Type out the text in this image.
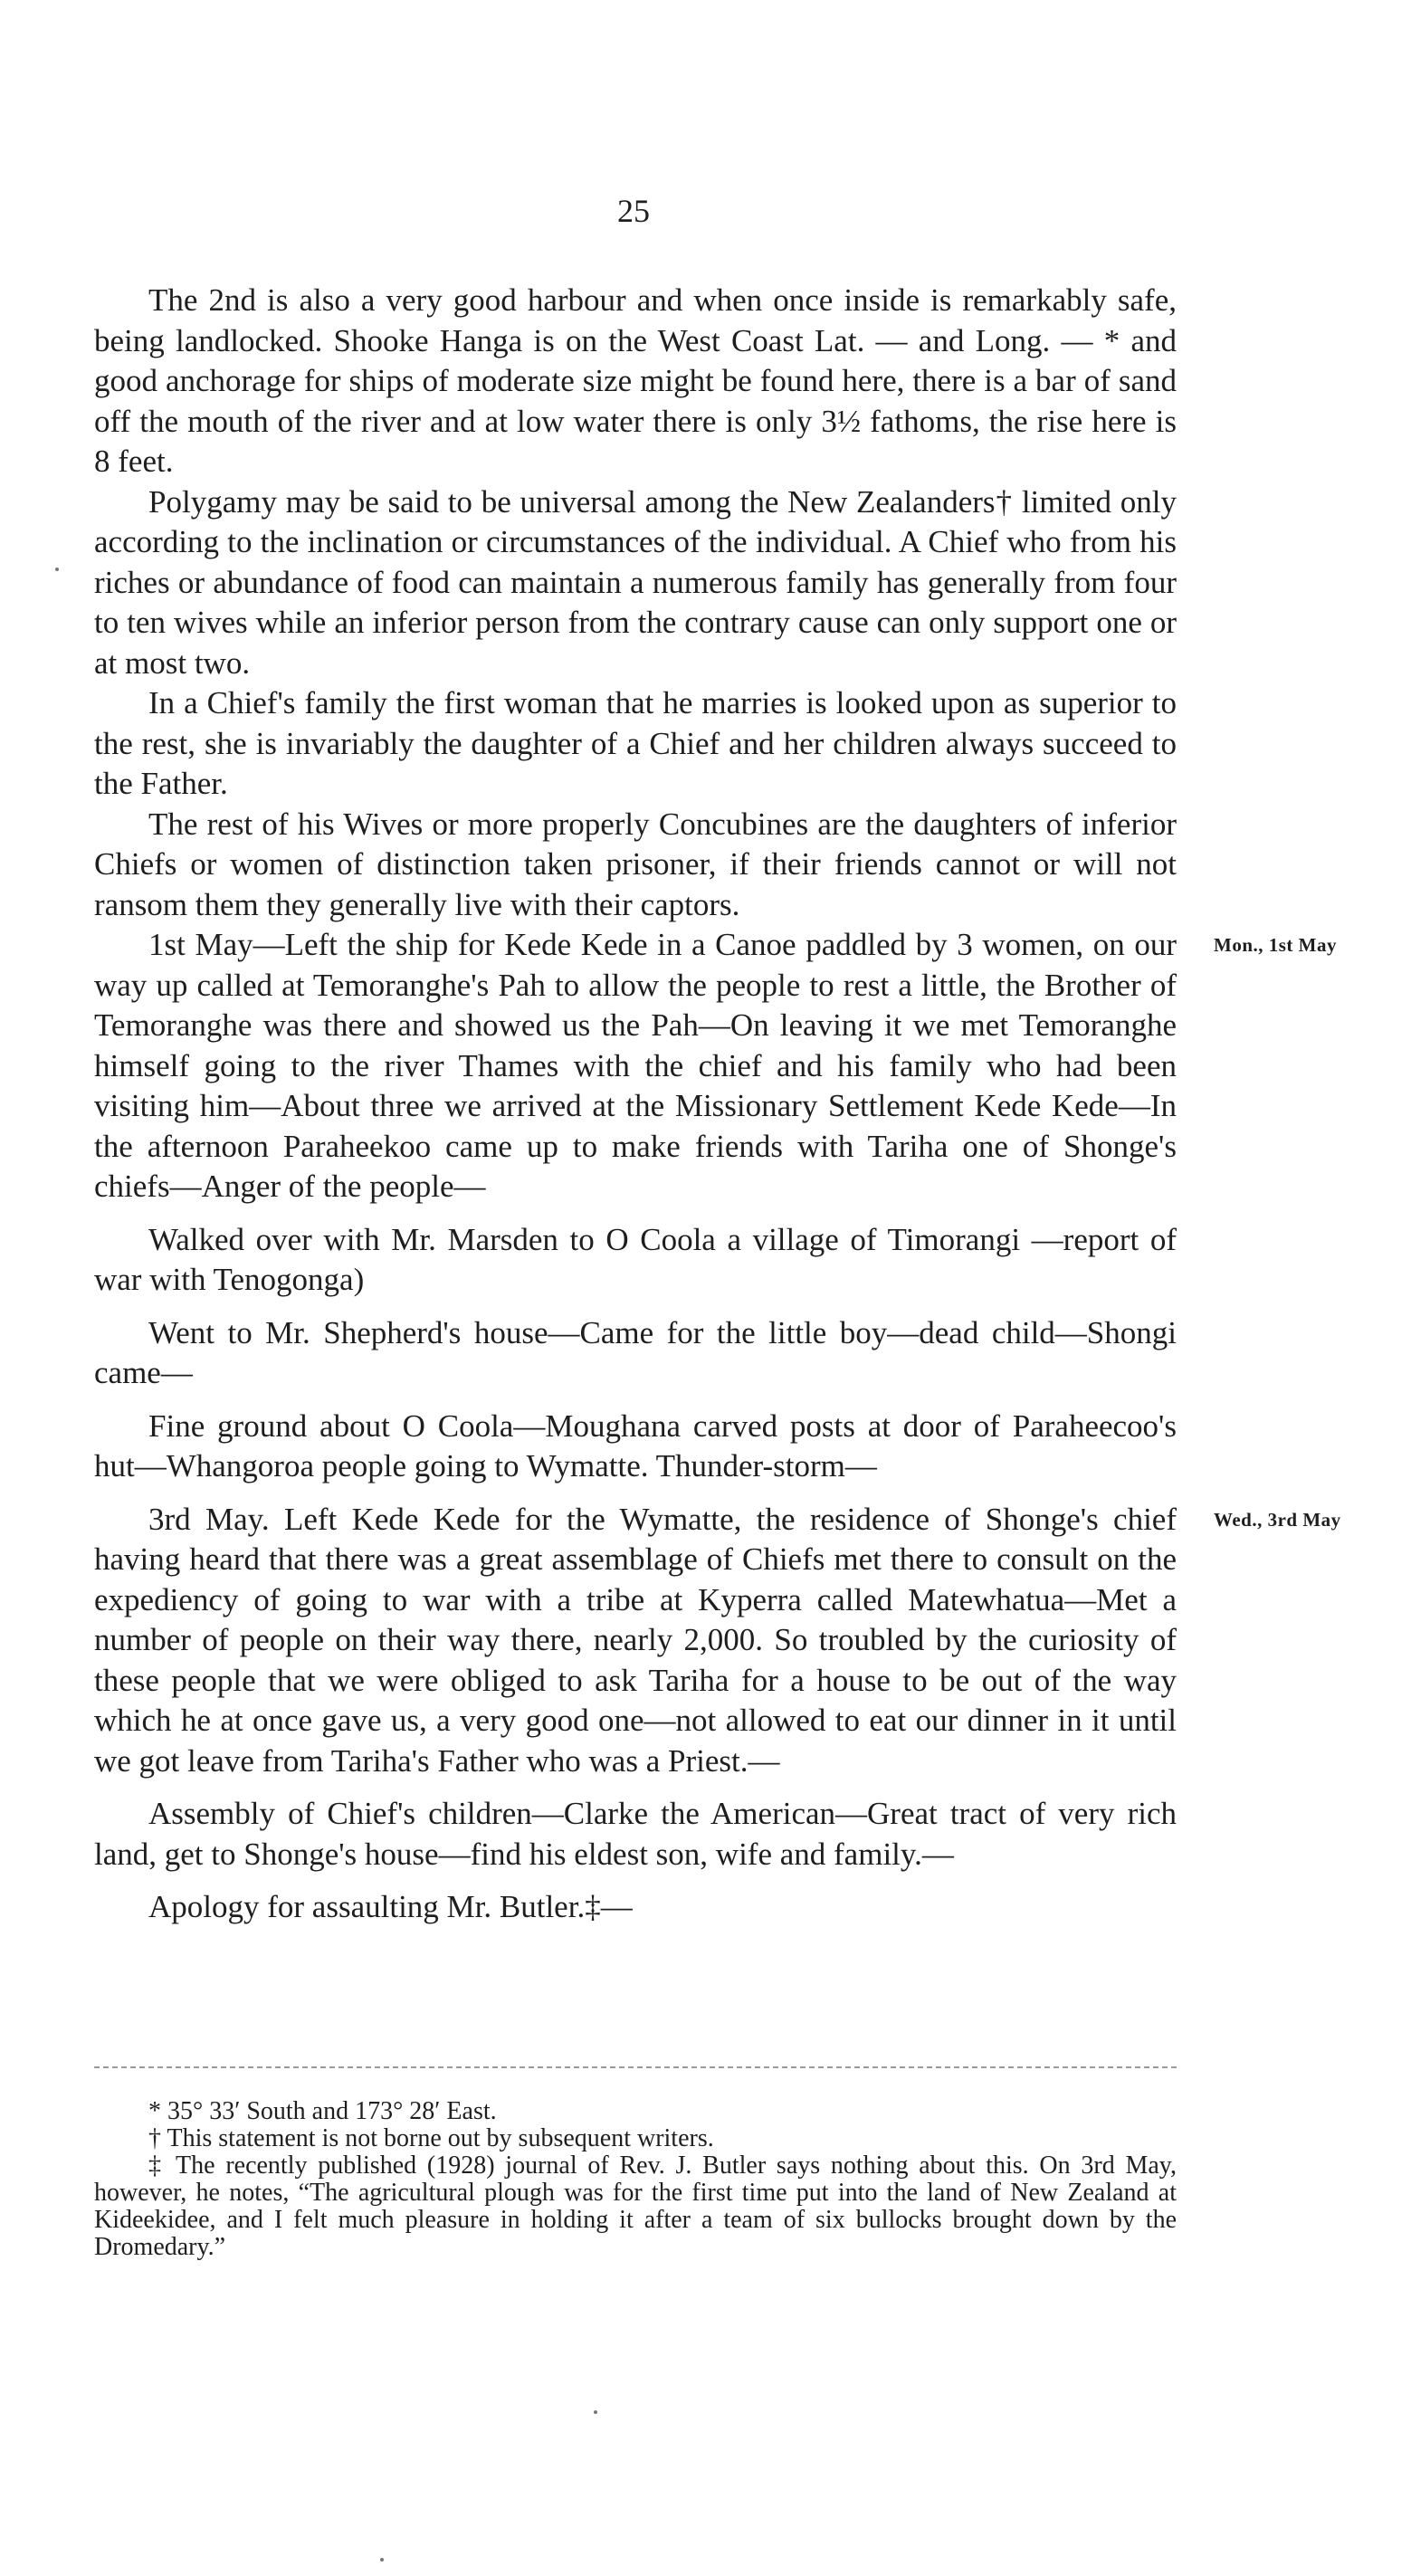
25

The 2nd is also a very good harbour and when once inside is remarkably safe, being landlocked. Shooke Hanga is on the West Coast Lat. — and Long. — * and good anchorage for ships of moderate size might be found here, there is a bar of sand off the mouth of the river and at low water there is only 3½ fathoms, the rise here is 8 feet.

Polygamy may be said to be universal among the New Zealanders† limited only according to the inclination or circumstances of the individual. A Chief who from his riches or abundance of food can maintain a numerous family has generally from four to ten wives while an inferior person from the contrary cause can only support one or at most two.

In a Chief's family the first woman that he marries is looked upon as superior to the rest, she is invariably the daughter of a Chief and her children always succeed to the Father.

The rest of his Wives or more properly Concubines are the daughters of inferior Chiefs or women of distinction taken prisoner, if their friends cannot or will not ransom them they generally live with their captors.

Mon., 1st May
1st May—Left the ship for Kede Kede in a Canoe paddled by 3 women, on our way up called at Temoranghe's Pah to allow the people to rest a little, the Brother of Temoranghe was there and showed us the Pah—On leaving it we met Temoranghe himself going to the river Thames with the chief and his family who had been visiting him—About three we arrived at the Missionary Settlement Kede Kede—In the afternoon Paraheekoo came up to make friends with Tariha one of Shonge's chiefs—Anger of the people—

Walked over with Mr. Marsden to O Coola a village of Timorangi —report of war with Tenogonga)

Went to Mr. Shepherd's house—Came for the little boy—dead child—Shongi came—

Fine ground about O Coola—Moughana carved posts at door of Paraheecoo's hut—Whangoroa people going to Wymatte. Thunder-storm—

Wed., 3rd May
3rd May. Left Kede Kede for the Wymatte, the residence of Shonge's chief having heard that there was a great assemblage of Chiefs met there to consult on the expediency of going to war with a tribe at Kyperra called Matewhatua—Met a number of people on their way there, nearly 2,000. So troubled by the curiosity of these people that we were obliged to ask Tariha for a house to be out of the way which he at once gave us, a very good one—not allowed to eat our dinner in it until we got leave from Tariha's Father who was a Priest.—

Assembly of Chief's children—Clarke the American—Great tract of very rich land, get to Shonge's house—find his eldest son, wife and family.—

Apology for assaulting Mr. Butler.‡—

* 35° 33′ South and 173° 28′ East.

† This statement is not borne out by subsequent writers.

‡ The recently published (1928) journal of Rev. J. Butler says nothing about this. On 3rd May, however, he notes, “The agricultural plough was for the first time put into the land of New Zealand at Kideekidee, and I felt much pleasure in holding it after a team of six bullocks brought down by the Dromedary.”
